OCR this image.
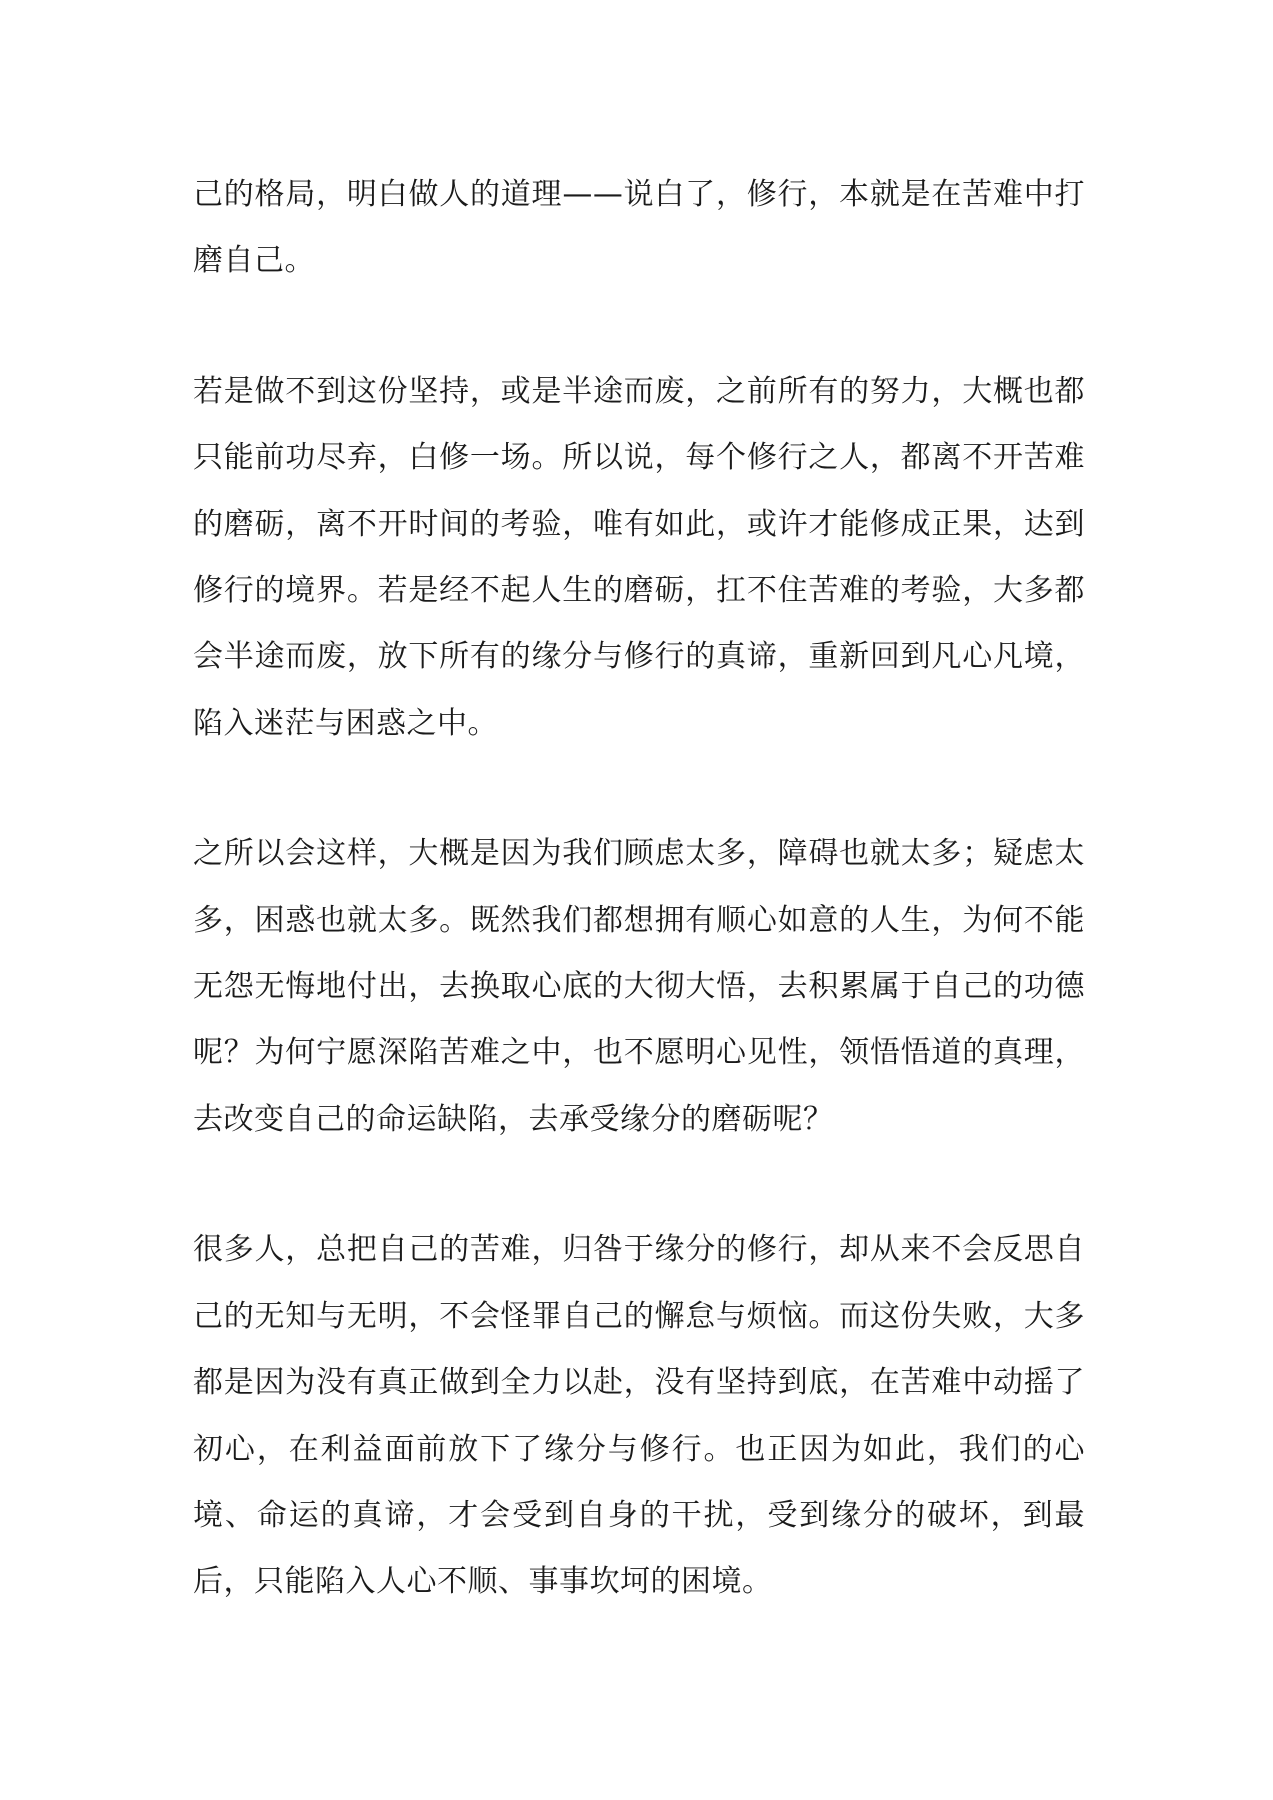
己的格局，明白做人的道理——说白了，修行，本就是在苦难中打磨自己。

若是做不到这份坚持，或是半途而废，之前所有的努力，大概也都只能前功尽弃，白修一场。所以说，每个修行之人，都离不开苦难的磨砺，离不开时间的考验，唯有如此，或许才能修成正果，达到修行的境界。若是经不起人生的磨砺，扛不住苦难的考验，大多都会半途而废，放下所有的缘分与修行的真谛，重新回到凡心凡境，陷入迷茫与困惑之中。

之所以会这样，大概是因为我们顾虑太多，障碍也就太多；疑虑太多，困惑也就太多。既然我们都想拥有顺心如意的人生，为何不能无怨无悔地付出，去换取心底的大彻大悟，去积累属于自己的功德呢？为何宁愿深陷苦难之中，也不愿明心见性，领悟悟道的真理，去改变自己的命运缺陷，去承受缘分的磨砺呢？

很多人，总把自己的苦难，归咎于缘分的修行，却从来不会反思自己的无知与无明，不会怪罪自己的懈怠与烦恼。而这份失败，大多都是因为没有真正做到全力以赴，没有坚持到底，在苦难中动摇了初心，在利益面前放下了缘分与修行。也正因为如此，我们的心境、命运的真谛，才会受到自身的干扰，受到缘分的破坏，到最后，只能陷入人心不顺、事事坎坷的困境。
